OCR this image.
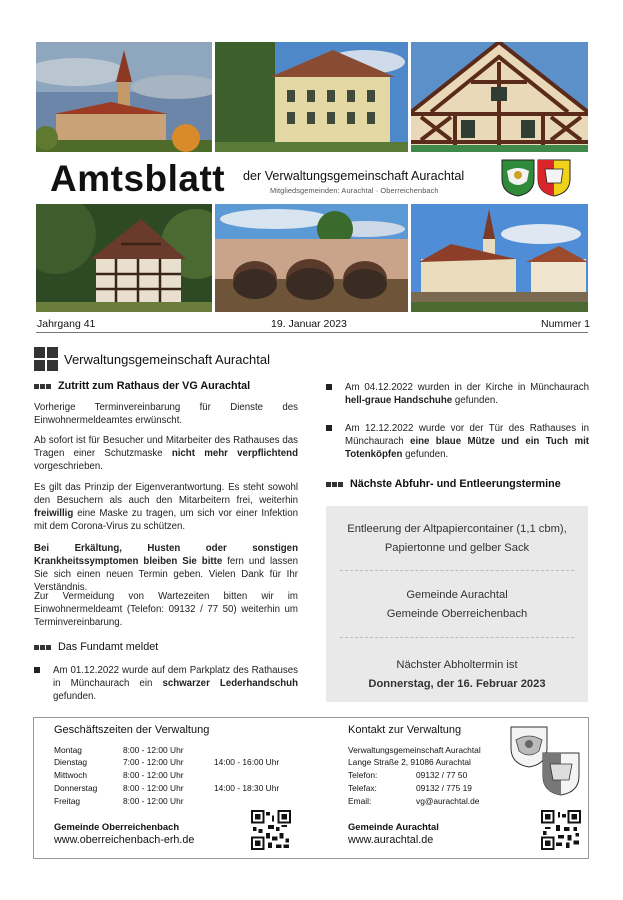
Amtsblatt der Verwaltungsgemeinschaft Aurachtal
Mitgliedsgemeinden: Aurachtal · Oberreichenbach
Jahrgang 41	19. Januar 2023	Nummer 1
Verwaltungsgemeinschaft Aurachtal
Zutritt zum Rathaus der VG Aurachtal
Vorherige Terminvereinbarung für Dienste des Einwohnermeldeamtes erwünscht.
Ab sofort ist für Besucher und Mitarbeiter des Rathauses das Tragen einer Schutzmaske nicht mehr verpflichtend vorgeschrieben.
Es gilt das Prinzip der Eigenverantwortung. Es steht sowohl den Besuchern als auch den Mitarbeitern frei, weiterhin freiwillig eine Maske zu tragen, um sich vor einer Infektion mit dem Corona-Virus zu schützen.
Bei Erkältung, Husten oder sonstigen Krankheitssymptomen bleiben Sie bitte fern und lassen Sie sich einen neuen Termin geben. Vielen Dank für Ihr Verständnis.
Zur Vermeidung von Wartezeiten bitten wir im Einwohnermeldeamt (Telefon: 09132 / 77 50) weiterhin um Terminvereinbarung.
Das Fundamt meldet
Am 01.12.2022 wurde auf dem Parkplatz des Rathauses in Münchaurach ein schwarzer Lederhandschuh gefunden.
Am 04.12.2022 wurden in der Kirche in Münchaurach hell-graue Handschuhe gefunden.
Am 12.12.2022 wurde vor der Tür des Rathauses in Münchaurach eine blaue Mütze und ein Tuch mit Totenköpfen gefunden.
Nächste Abfuhr- und Entleerungstermine
Entleerung der Altpapiercontainer (1,1 cbm),
Papiertonne und gelber Sack
Gemeinde Aurachtal
Gemeinde Oberreichenbach
Nächster Abholtermin ist
Donnerstag, der 16. Februar 2023
Geschäftszeiten der Verwaltung
Montag	8:00 - 12:00 Uhr
Dienstag	7:00 - 12:00 Uhr	14:00 - 16:00 Uhr
Mittwoch	8:00 - 12:00 Uhr
Donnerstag	8:00 - 12:00 Uhr	14:00 - 18:30 Uhr
Freitag	8:00 - 12:00 Uhr
Kontakt zur Verwaltung
Verwaltungsgemeinschaft Aurachtal
Lange Straße 2, 91086 Aurachtal
Telefon:	09132 / 77 50
Telefax:	09132 / 775 19
Email:	vg@aurachtal.de
Gemeinde Oberreichenbach
www.oberreichenbach-erh.de
Gemeinde Aurachtal
www.aurachtal.de
